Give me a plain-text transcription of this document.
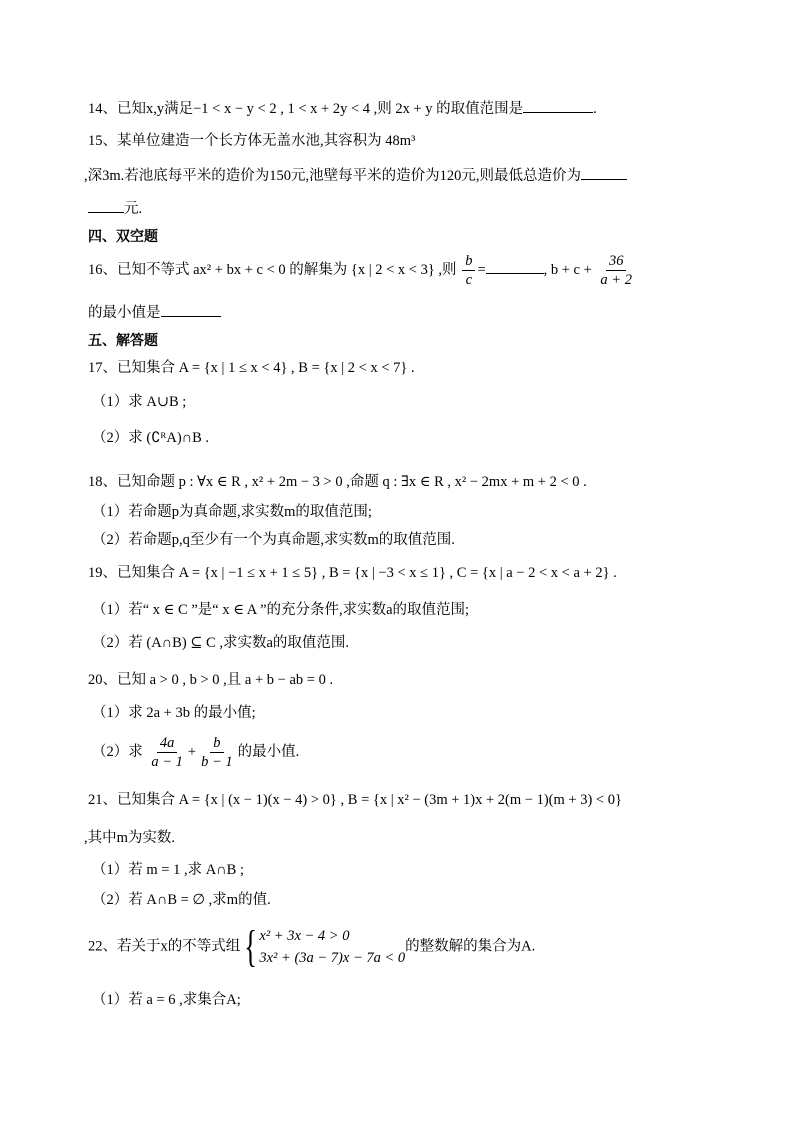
14、已知x,y满足−1 < x − y < 2 , 1 < x + 2y < 4 ,则 2x + y 的取值范围是	.
15、某单位建造一个长方体无盖水池,其容积为 48m³
,深3m.若池底每平米的造价为150元,池壁每平米的造价为120元,则最低总造价为
元.
四、双空题
16、已知不等式 ax² + bx + c < 0 的解集为 {x | 2 < x < 3} ,则 $\frac{b}{c}$ =	, $b + c + \frac{36}{a + 2}$
的最小值是
五、解答题
17、已知集合 A = {x | 1 ≤ x < 4} , B = {x | 2 < x < 7} .
（1）求 A∪B ;
（2）求 (∁ᴿA)∩B .
18、已知命题 p : ∀x ∈ R , x² + 2m − 3 > 0 ,命题 q : ∃x ∈ R , x² − 2mx + m + 2 < 0 .
（1）若命题p为真命题,求实数m的取值范围;
（2）若命题p,q至少有一个为真命题,求实数m的取值范围.
19、已知集合 A = {x | −1 ≤ x + 1 ≤ 5} , B = {x | −3 < x ≤ 1} , C = {x | a − 2 < x < a + 2} .
（1）若“ x ∈ C ”是“ x ∈ A ”的充分条件,求实数a的取值范围;
（2）若 (A∩B) ⊆ C ,求实数a的取值范围.
20、已知 a > 0 , b > 0 ,且 a + b − ab = 0 .
（1）求 2a + 3b 的最小值;
（2）求 $\frac{4a}{a - 1} + \frac{b}{b - 1}$ 的最小值.
21、已知集合 A = {x | (x − 1)(x − 4) > 0} , B = {x | x² − (3m + 1)x + 2(m − 1)(m + 3) < 0}
,其中m为实数.
（1）若 m = 1 ,求 A∩B ;
（2）若 A∩B = ∅ ,求m的值.
22、若关于x的不等式组 { x² + 3x − 4 > 0
3x² + (3a − 7)x − 7a < 0
的整数解的集合为A.
（1）若 a = 6 ,求集合A;
